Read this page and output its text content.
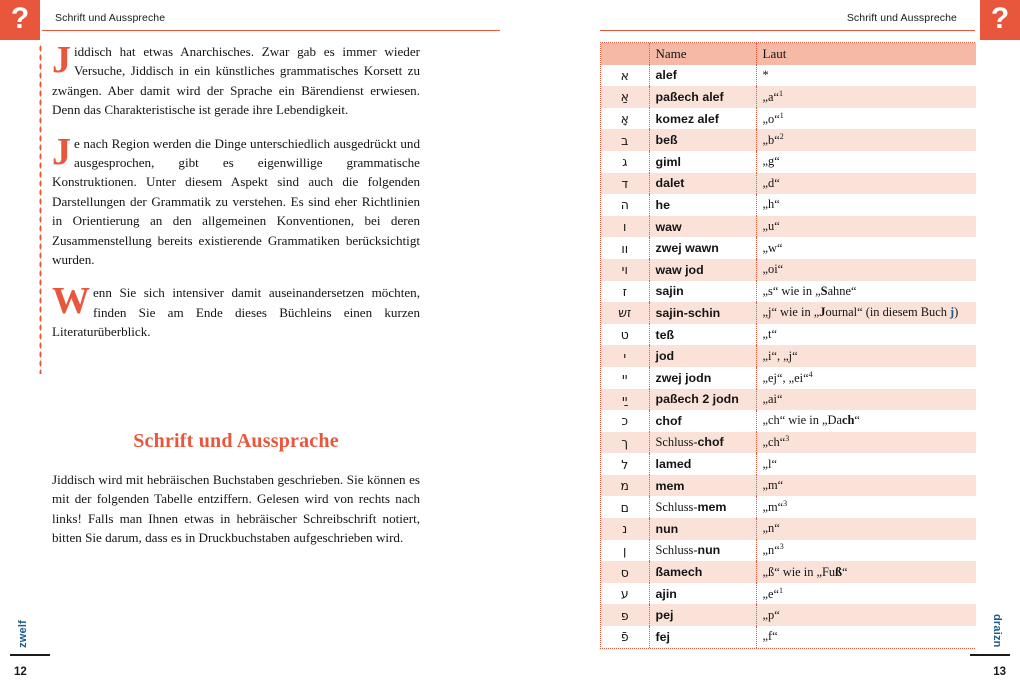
?	Schrift und Ausspreche

Jiddisch hat etwas Anarchisches. Zwar gab es immer wieder Versuche, Jiddisch in ein künstliches grammatisches Korsett zu zwängen. Aber damit wird der Sprache ein Bärendienst erwiesen. Denn das Charakteristische ist gerade ihre Lebendigkeit.

Je nach Region werden die Dinge unterschiedlich ausgedrückt und ausgesprochen, gibt es eigenwillige grammatische Konstruktionen. Unter diesem Aspekt sind auch die folgenden Darstellungen der Grammatik zu verstehen. Es sind eher Richtlinien in Orientierung an den allgemeinen Konventionen, bei deren Zusammenstellung bereits existierende Grammatiken berücksichtigt wurden.

Wenn Sie sich intensiver damit auseinandersetzen möchten, finden Sie am Ende dieses Büchleins einen kurzen Literaturüberblick.

Schrift und Aussprache

Jiddisch wird mit hebräischen Buchstaben geschrieben. Sie können es mit der folgenden Tabelle entziffern. Gelesen wird von rechts nach links! Falls man Ihnen etwas in hebräischer Schreibschrift notiert, bitten Sie darum, dass es in Druckbuchstaben aufgeschrieben wird.

zwelf
12
?
Schrift und Ausspreche
	Name	Laut
א	alef	*
אַ	paßech alef	„a“$^1$
אָ	komez alef	„o“$^1$
ב	beß	„b“$^2$
ג	giml	„g“
ד	dalet	„d“
ה	he	„h“
ו	waw	„u“
וו	zwej wawn	„w“
וי	waw jod	„oi“
ז	sajin	„s“ wie in „Sahne“
זש	sajin-schin	„j“ wie in „Journal“ (in diesem Buch j)
ט	teß	„t“
י	jod	„i“, „j“
יי	zwej jodn	„ej“, „ei“$^4$
יַי	paßech 2 jodn	„ai“
כ	chof	„ch“ wie in „Dach“
ך	Schluss-chof	„ch“$^3$
ל	lamed	„l“
מ	mem	„m“
ם	Schluss-mem	„m“$^3$
נ	nun	„n“
ן	Schluss-nun	„n“$^3$
ס	ßamech	„ß“ wie in „Fuß“
ע	ajin	„e“$^1$
פ	pej	„p“
פֿ	fej	„f“	draizn
13
